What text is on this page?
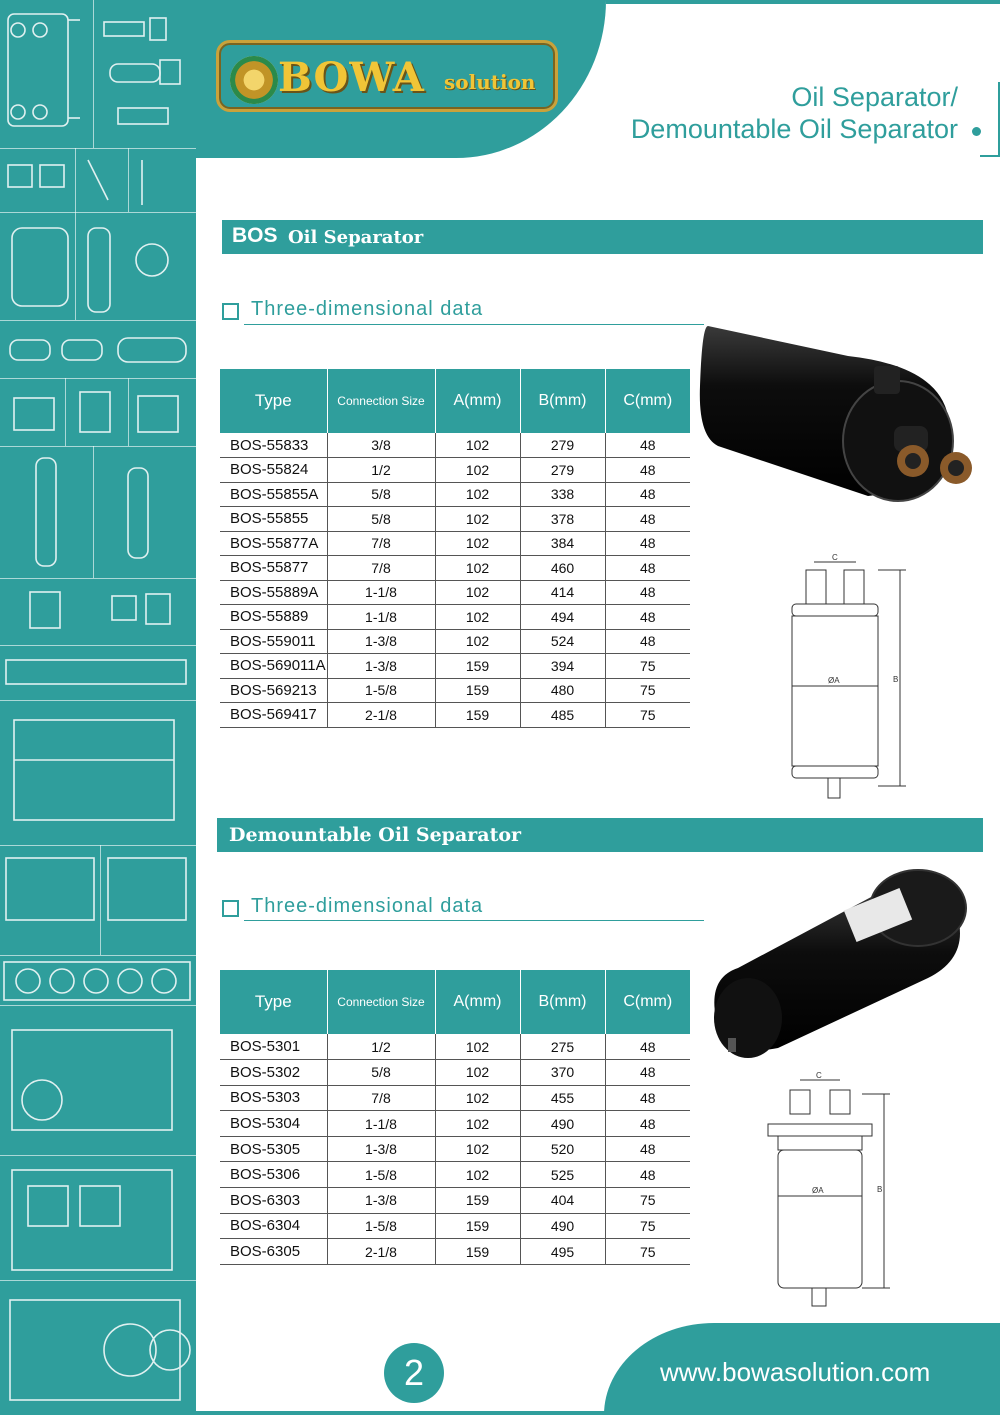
BOWA solution	Oil Separator/
Demountable Oil Separator
BOS Oil Separator
Three-dimensional data
Type	Connection Size	A(mm)	B(mm)	C(mm)
BOS-55833	3/8	102	279	48
BOS-55824	1/2	102	279	48
BOS-55855A	5/8	102	338	48
BOS-55855	5/8	102	378	48
BOS-55877A	7/8	102	384	48
BOS-55877	7/8	102	460	48
BOS-55889A	1-1/8	102	414	48
BOS-55889	1-1/8	102	494	48
BOS-559011	1-3/8	102	524	48
BOS-569011A	1-3/8	159	394	75
BOS-569213	1-5/8	159	480	75
BOS-569417	2-1/8	159	485	75
C
ØA	B
Demountable Oil Separator
Three-dimensional data
Type	Connection Size	A(mm)	B(mm)	C(mm)
BOS-5301	1/2	102	275	48
BOS-5302	5/8	102	370	48
BOS-5303	7/8	102	455	48
BOS-5304	1-1/8	102	490	48
BOS-5305	1-3/8	102	520	48
BOS-5306	1-5/8	102	525	48
BOS-6303	1-3/8	159	404	75
BOS-6304	1-5/8	159	490	75
BOS-6305	2-1/8	159	495	75
C
ØA	B
2	www.bowasolution.com
